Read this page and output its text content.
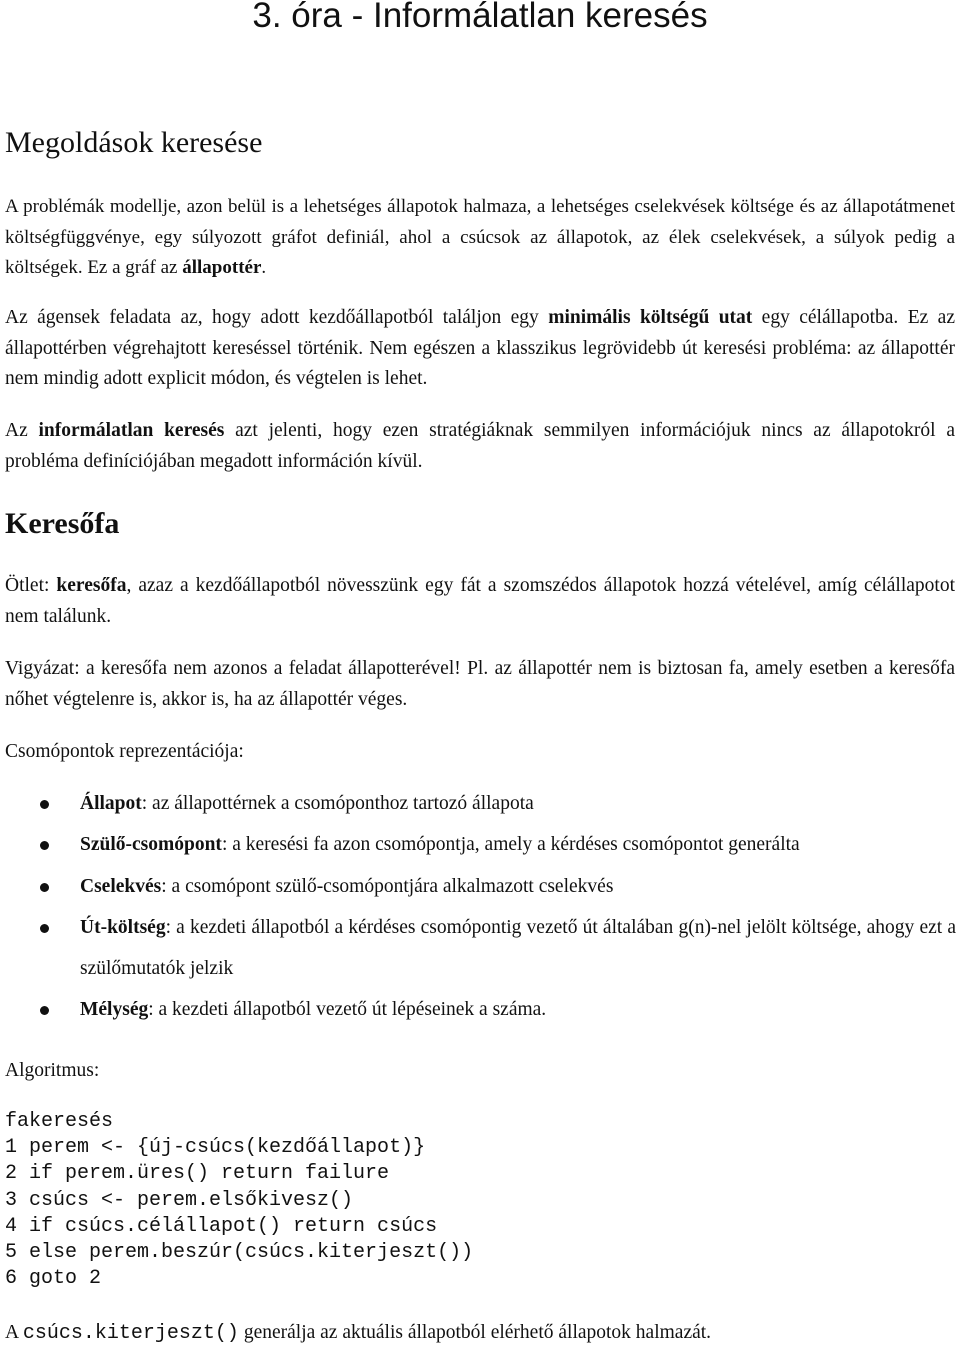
3. óra - Informálatlan keresés
Megoldások keresése
A problémák modellje, azon belül is a lehetséges állapotok halmaza, a lehetséges cselekvések költsége és az állapotátmenet költségfüggvénye, egy súlyozott gráfot definiál, ahol a csúcsok az állapotok, az élek cselekvések, a súlyok pedig a költségek. Ez a gráf az állapottér.
Az ágensek feladata az, hogy adott kezdőállapotból találjon egy minimális költségű utat egy célállapotba. Ez az állapottérben végrehajtott kereséssel történik. Nem egészen a klasszikus legrövidebb út keresési probléma: az állapottér nem mindig adott explicit módon, és végtelen is lehet.
Az informálatlan keresés azt jelenti, hogy ezen stratégiáknak semmilyen információjuk nincs az állapotokról a probléma definíciójában megadott információn kívül.
Keresőfa
Ötlet: keresőfa, azaz a kezdőállapotból növesszünk egy fát a szomszédos állapotok hozzá vételével, amíg célállapotot nem találunk.
Vigyázat: a keresőfa nem azonos a feladat állapotterével! Pl. az állapottér nem is biztosan fa, amely esetben a keresőfa nőhet végtelenre is, akkor is, ha az állapottér véges.
Csomópontok reprezentációja:
Állapot: az állapottérnek a csomóponthoz tartozó állapota
Szülő-csomópont: a keresési fa azon csomópontja, amely a kérdéses csomópontot generálta
Cselekvés: a csomópont szülő-csomópontjára alkalmazott cselekvés
Út-költség: a kezdeti állapotból a kérdéses csomópontig vezető út általában g(n)-nel jelölt költsége, ahogy ezt a szülőmutatók jelzik
Mélység: a kezdeti állapotból vezető út lépéseinek a száma.
Algoritmus:
fakeresés
1 perem <- {új-csúcs(kezdőállapot)}
2 if perem.üres() return failure
3 csúcs <- perem.elsőkivesz()
4 if csúcs.célállapot() return csúcs
5 else perem.beszúr(csúcs.kiterjeszt())
6 goto 2
A csúcs.kiterjeszt() generálja az aktuális állapotból elérhető állapotok halmazát.
